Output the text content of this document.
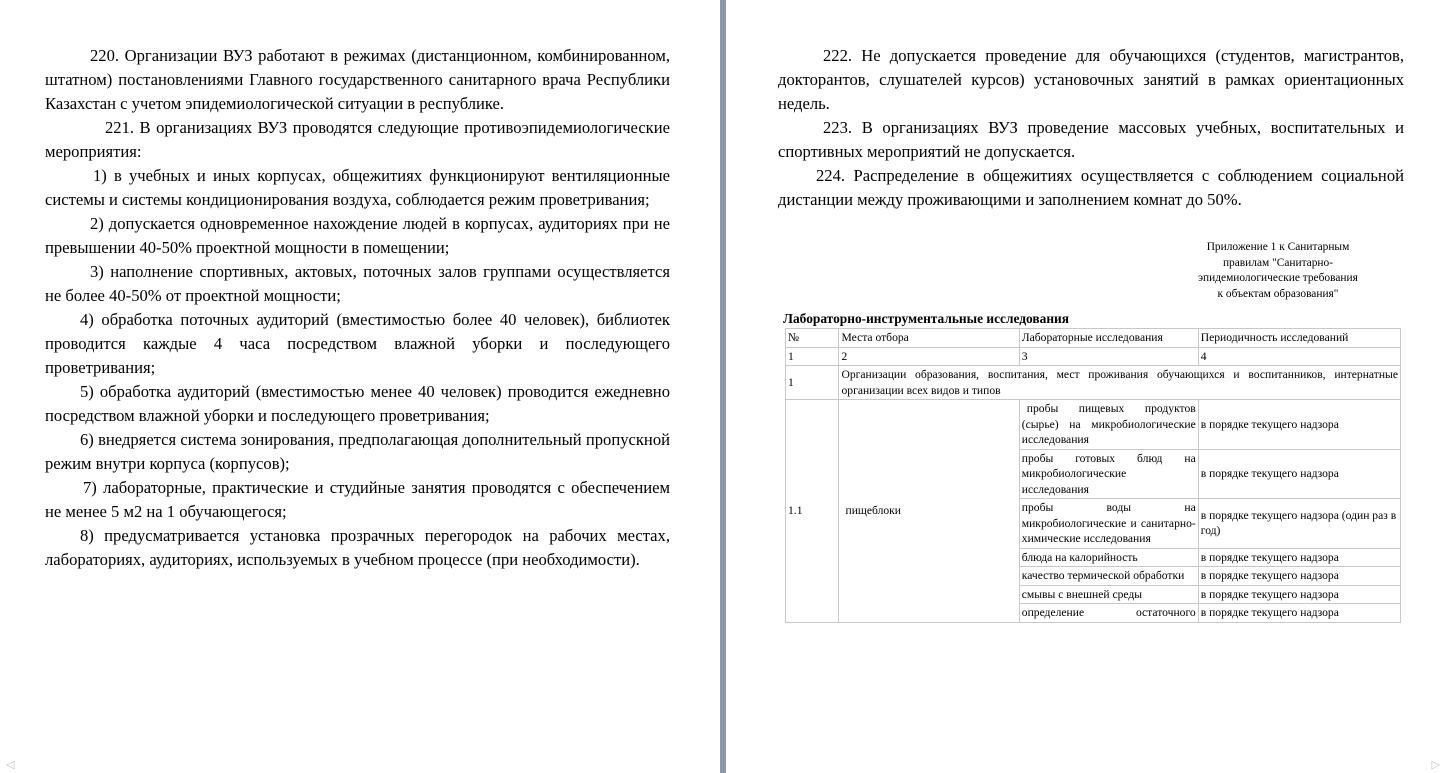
220. Организации ВУЗ работают в режимах (дистанционном, комбинированном, штатном) постановлениями Главного государственного санитарного врача Республики Казахстан с учетом эпидемиологической ситуации в республике.

221. В организациях ВУЗ проводятся следующие противоэпидемиологические мероприятия:

1) в учебных и иных корпусах, общежитиях функционируют вентиляционные системы и системы кондиционирования воздуха, соблюдается режим проветривания;

2) допускается одновременное нахождение людей в корпусах, аудиториях при не превышении 40-50% проектной мощности в помещении;

3) наполнение спортивных, актовых, поточных залов группами осуществляется не более 40-50% от проектной мощности;

4) обработка поточных аудиторий (вместимостью более 40 человек), библиотек проводится каждые 4 часа посредством влажной уборки и последующего проветривания;

5) обработка аудиторий (вместимостью менее 40 человек) проводится ежедневно посредством влажной уборки и последующего проветривания;

6) внедряется система зонирования, предполагающая дополнительный пропускной режим внутри корпуса (корпусов);

7) лабораторные, практические и студийные занятия проводятся с обеспечением не менее 5 м2 на 1 обучающегося;

8) предусматривается установка прозрачных перегородок на рабочих местах, лабораториях, аудиториях, используемых в учебном процессе (при необходимости).

◁

222. Не допускается проведение для обучающихся (студентов, магистрантов, докторантов, слушателей курсов) установочных занятий в рамках ориентационных недель.

223. В организациях ВУЗ проведение массовых учебных, воспитательных и спортивных мероприятий не допускается.

224. Распределение в общежитиях осуществляется с соблюдением социальной дистанции между проживающими и заполнением комнат до 50%.

Приложение 1 к Санитарным
правилам "Санитарно-
эпидемиологические требования
к объектам образования"
Лабораторно-инструментальные исследования
№	Места отбора	Лабораторные исследования	Периодичность исследований
1	2	3	4
1	Организации образования, воспитания, мест проживания обучающихся и воспитанников, интернатные организации всех видов и типов		
1.1	пищеблоки	пробы пищевых продуктов (сырье) на микробиологические исследования	в порядке текущего надзора
		пробы готовых блюд на микробиологические исследования	в порядке текущего надзора
		пробы воды на микробиологические и санитарно-химические исследования	в порядке текущего надзора (один раз в год)
		блюда на калорийность	в порядке текущего надзора
		качество термической обработки	в порядке текущего надзора
		смывы с внешней среды	в порядке текущего надзора
		определение остаточного	в порядке текущего надзора
▷
